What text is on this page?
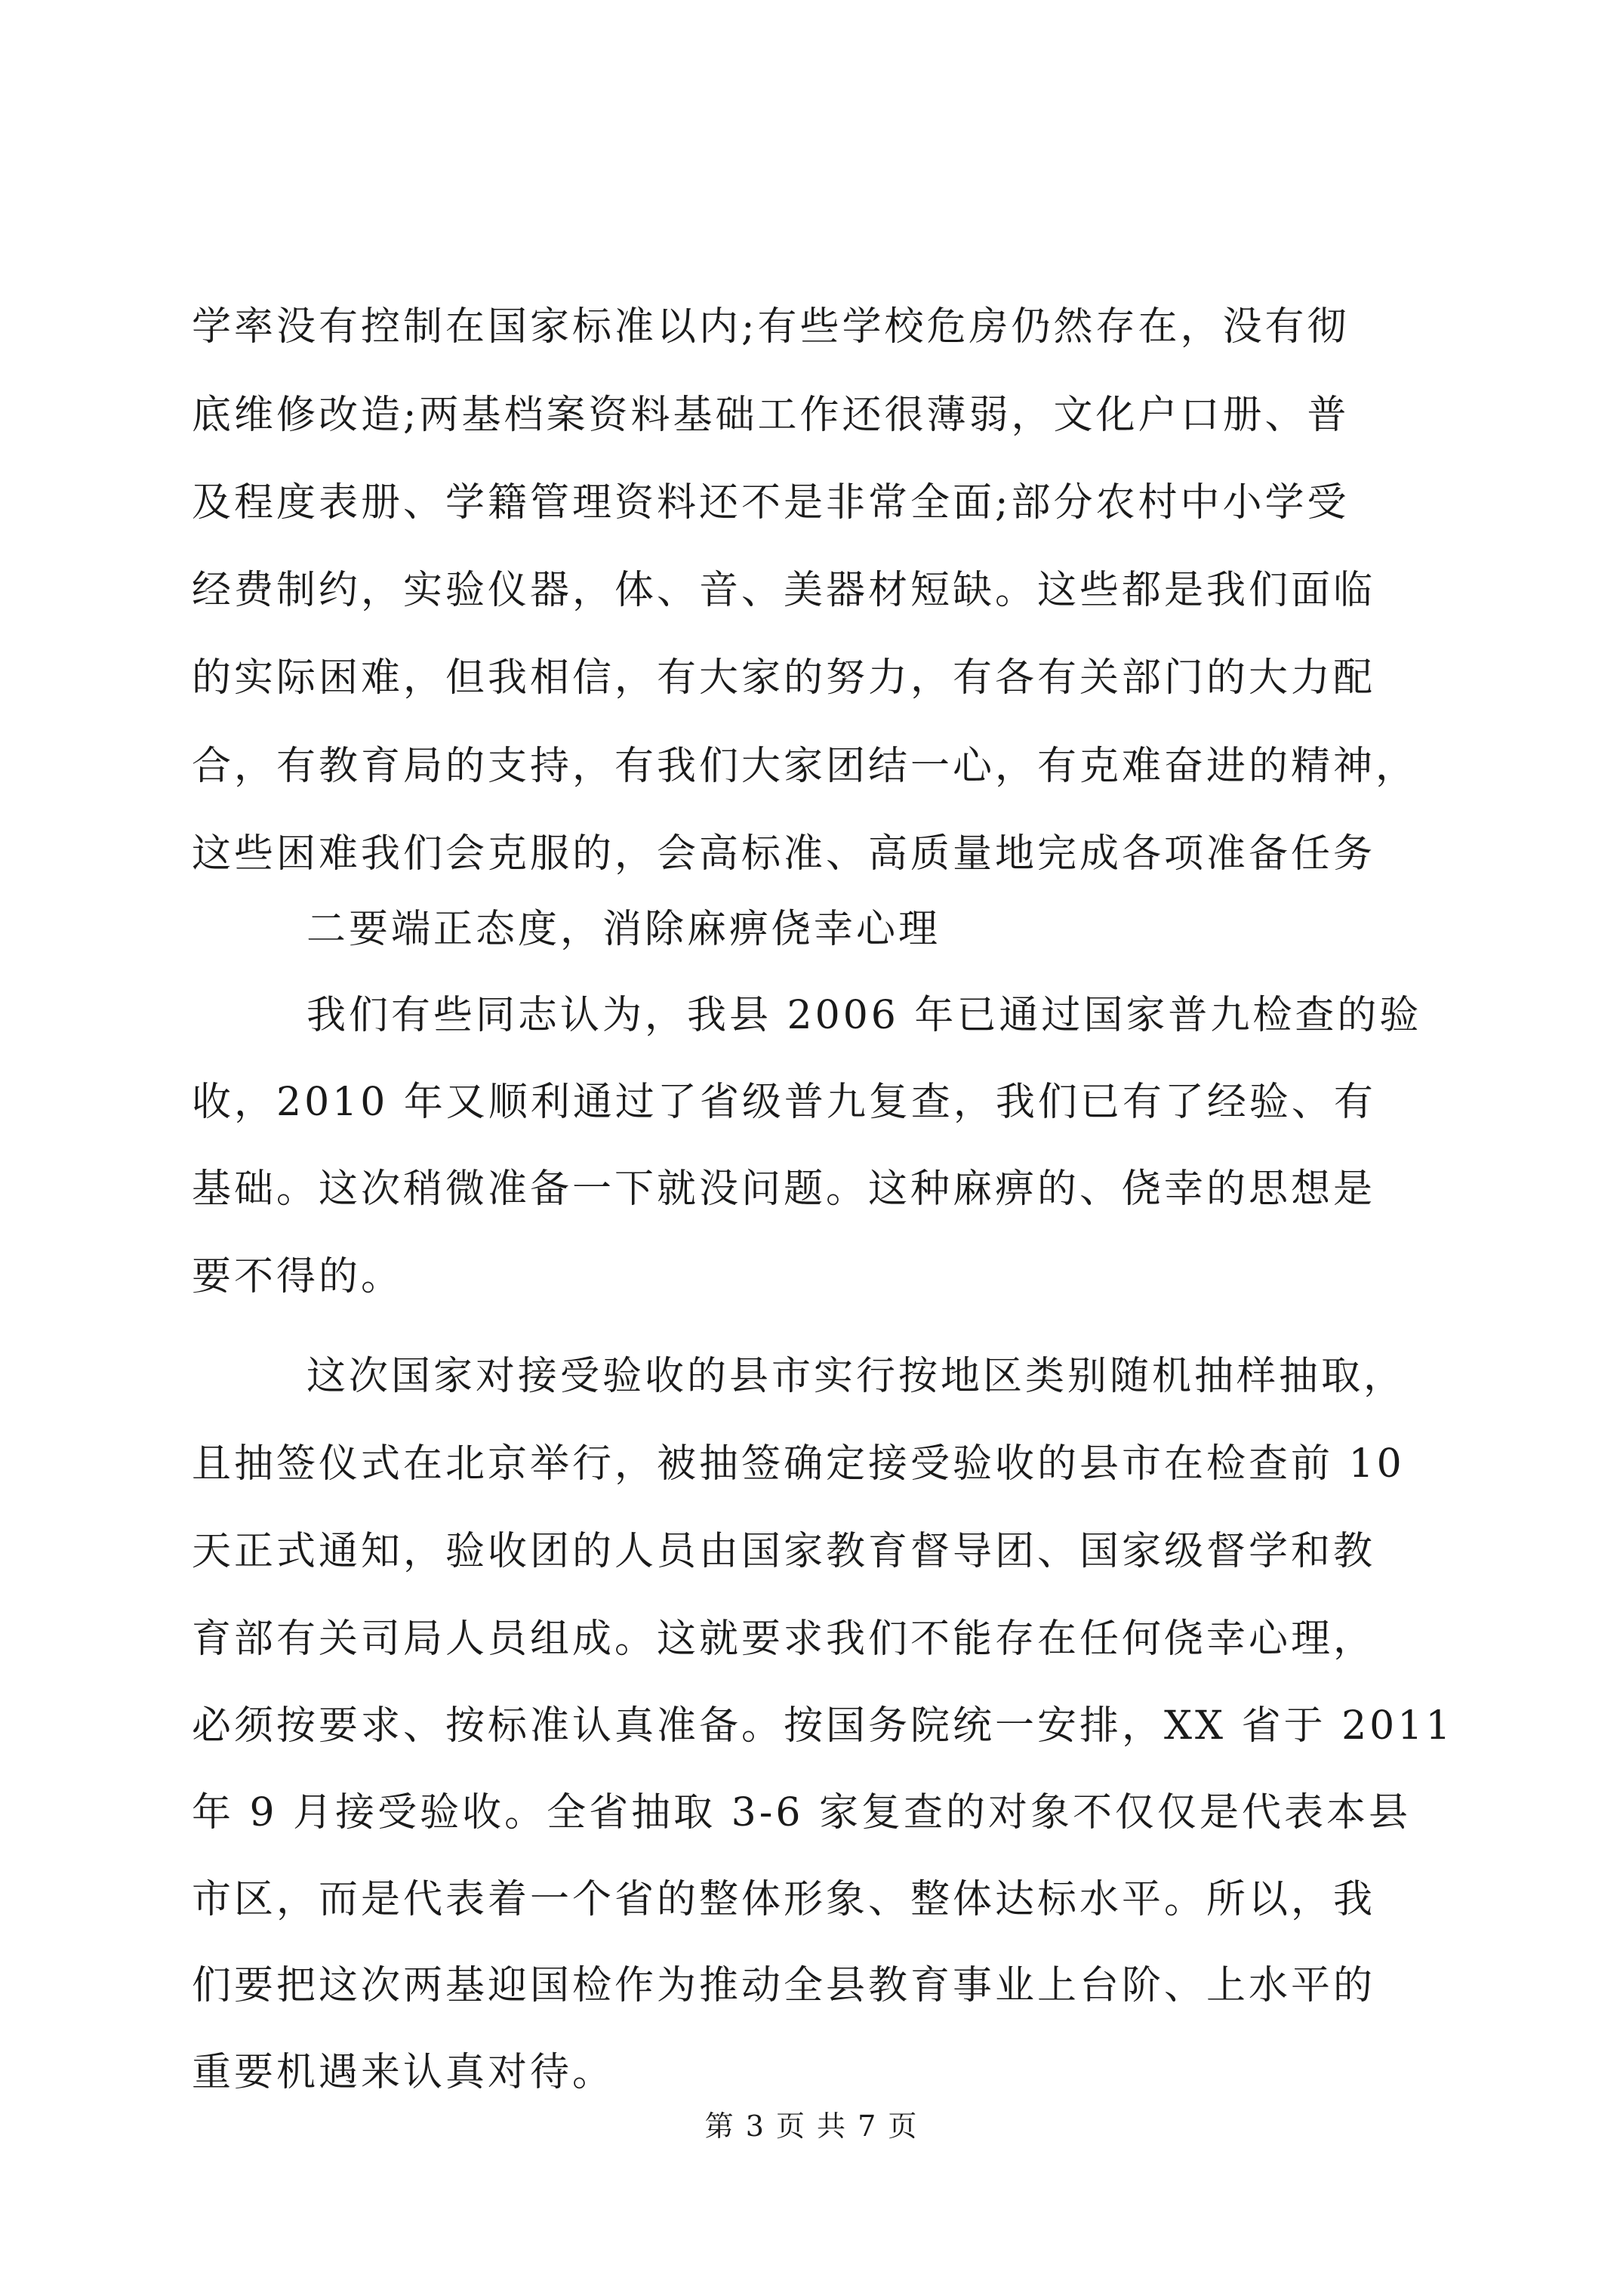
学率没有控制在国家标准以内;有些学校危房仍然存在，没有彻
底维修改造;两基档案资料基础工作还很薄弱，文化户口册、普
及程度表册、学籍管理资料还不是非常全面;部分农村中小学受
经费制约，实验仪器，体、音、美器材短缺。这些都是我们面临
的实际困难，但我相信，有大家的努力，有各有关部门的大力配
合，有教育局的支持，有我们大家团结一心，有克难奋进的精神，
这些困难我们会克服的，会高标准、高质量地完成各项准备任务
二要端正态度，消除麻痹侥幸心理
我们有些同志认为，我县 2006 年已通过国家普九检查的验
收，2010 年又顺利通过了省级普九复查，我们已有了经验、有
基础。这次稍微准备一下就没问题。这种麻痹的、侥幸的思想是
要不得的。
这次国家对接受验收的县市实行按地区类别随机抽样抽取，
且抽签仪式在北京举行，被抽签确定接受验收的县市在检查前 10
天正式通知，验收团的人员由国家教育督导团、国家级督学和教
育部有关司局人员组成。这就要求我们不能存在任何侥幸心理，
必须按要求、按标准认真准备。按国务院统一安排，XX 省于 2011
年 9 月接受验收。全省抽取 3-6 家复查的对象不仅仅是代表本县
市区，而是代表着一个省的整体形象、整体达标水平。所以，我
们要把这次两基迎国检作为推动全县教育事业上台阶、上水平的
重要机遇来认真对待。
第 3 页 共 7 页
